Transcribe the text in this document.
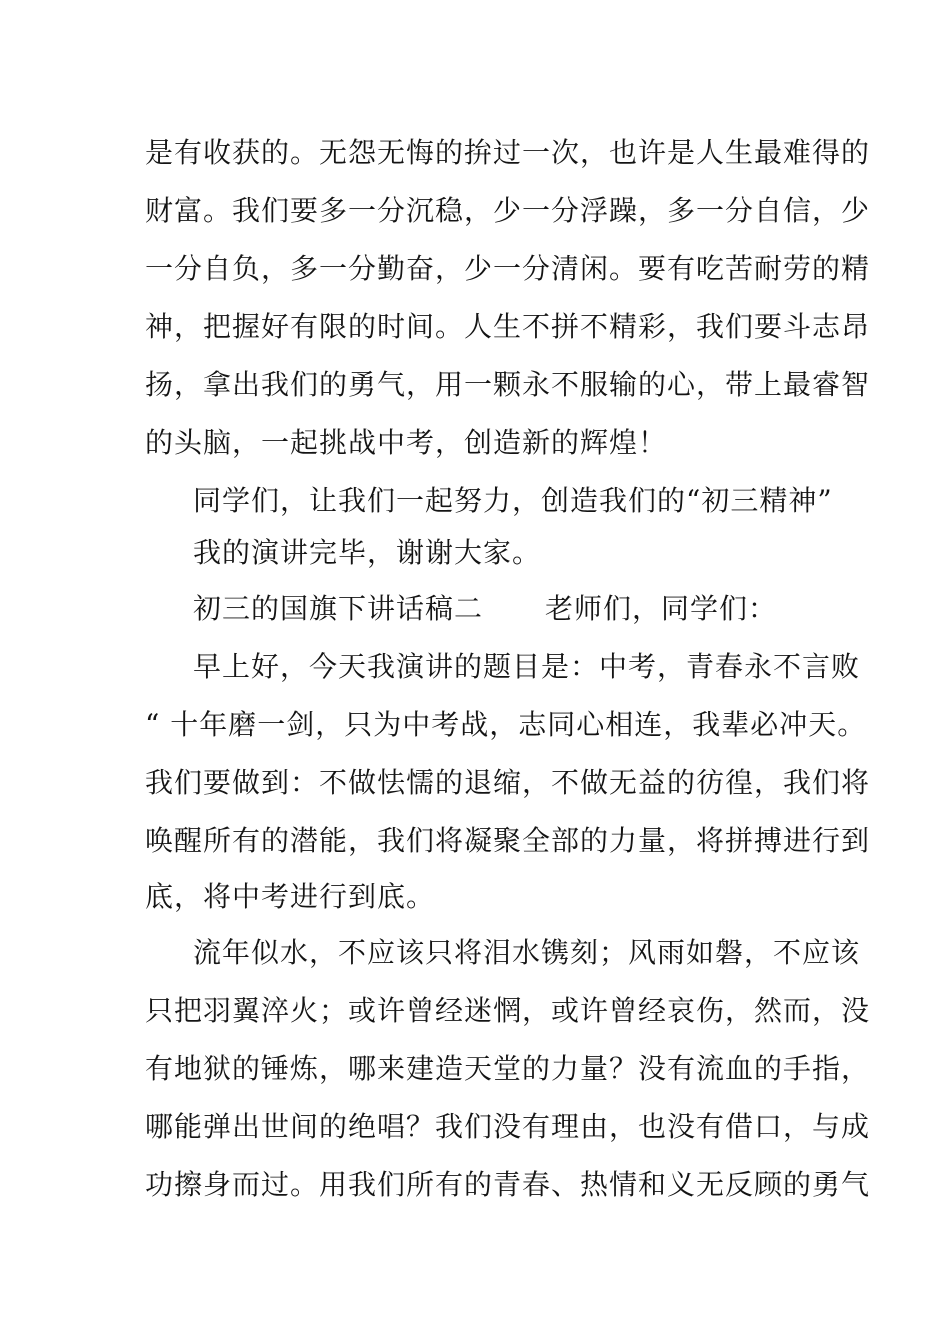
是有收获的。无怨无悔的拚过一次，也许是人生最难得的

财富。我们要多一分沉稳，少一分浮躁，多一分自信，少

一分自负，多一分勤奋，少一分清闲。要有吃苦耐劳的精

神，把握好有限的时间。人生不拼不精彩，我们要斗志昂

扬，拿出我们的勇气，用一颗永不服输的心，带上最睿智

的头脑，一起挑战中考，创造新的辉煌！

同学们，让我们一起努力，创造我们的“初三精神”

我的演讲完毕，谢谢大家。

初三的国旗下讲话稿二 老师们，同学们：

早上好，今天我演讲的题目是：中考，青春永不言败

“ 十年磨一剑，只为中考战，志同心相连，我辈必冲天。

我们要做到：不做怯懦的退缩，不做无益的彷徨，我们将

唤醒所有的潜能，我们将凝聚全部的力量，将拼搏进行到

底，将中考进行到底。

流年似水，不应该只将泪水镌刻；风雨如磐，不应该

只把羽翼淬火；或许曾经迷惘，或许曾经哀伤，然而，没

有地狱的锤炼，哪来建造天堂的力量？没有流血的手指，

哪能弹出世间的绝唱？我们没有理由，也没有借口，与成

功擦身而过。用我们所有的青春、热情和义无反顾的勇气
